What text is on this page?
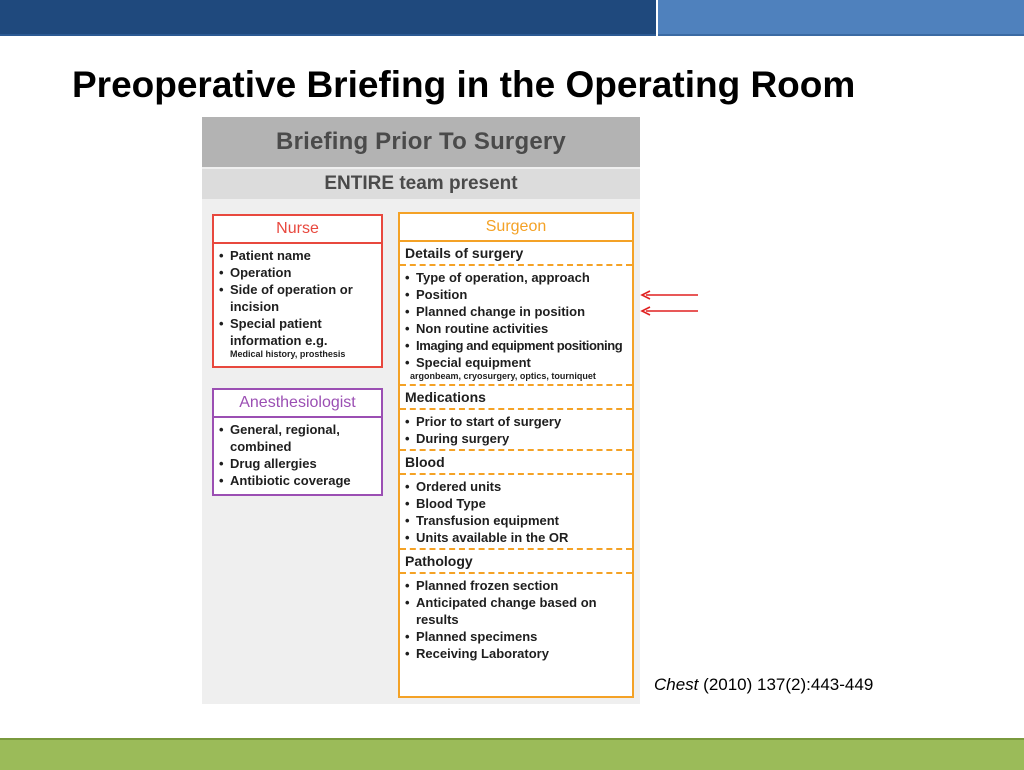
Preoperative Briefing in the Operating Room
Briefing Prior To Surgery
ENTIRE team present
Nurse
• Patient name
• Operation
• Side of operation or incision
• Special patient information e.g.
Medical history, prosthesis
Anesthesiologist
• General, regional, combined
• Drug allergies
• Antibiotic coverage
Surgeon
Details of surgery
• Type of operation, approach
• Position
• Planned change in position
• Non routine activities
• Imaging and equipment positioning
• Special equipment
argonbeam, cryosurgery, optics, tourniquet
Medications
• Prior to start of surgery
• During surgery
Blood
• Ordered units
• Blood Type
• Transfusion equipment
• Units available in the OR
Pathology
• Planned frozen section
• Anticipated change based on results
• Planned specimens
• Receiving Laboratory
Chest (2010) 137(2):443-449
